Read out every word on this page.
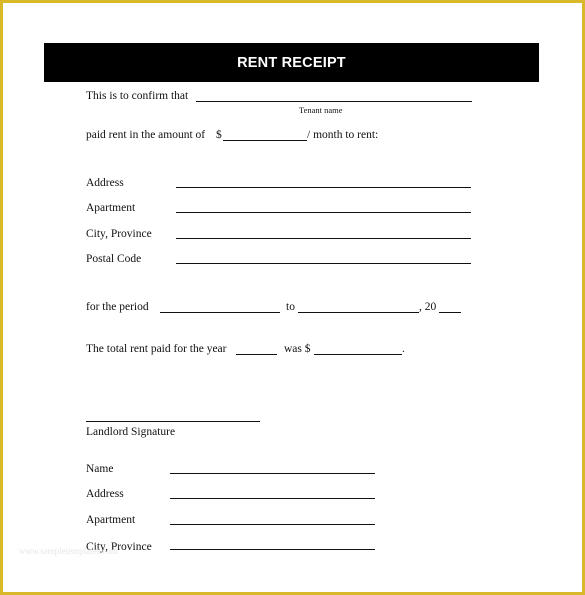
RENT RECEIPT
This is to confirm that
Tenant name
paid rent in the amount of $	/ month to rent:
Address
Apartment
City, Province
Postal Code
for the period	to	, 20
The total rent paid for the year	was $	.
Landlord Signature
Name
Address
Apartment
City, Province
www.sampletemplates.com
